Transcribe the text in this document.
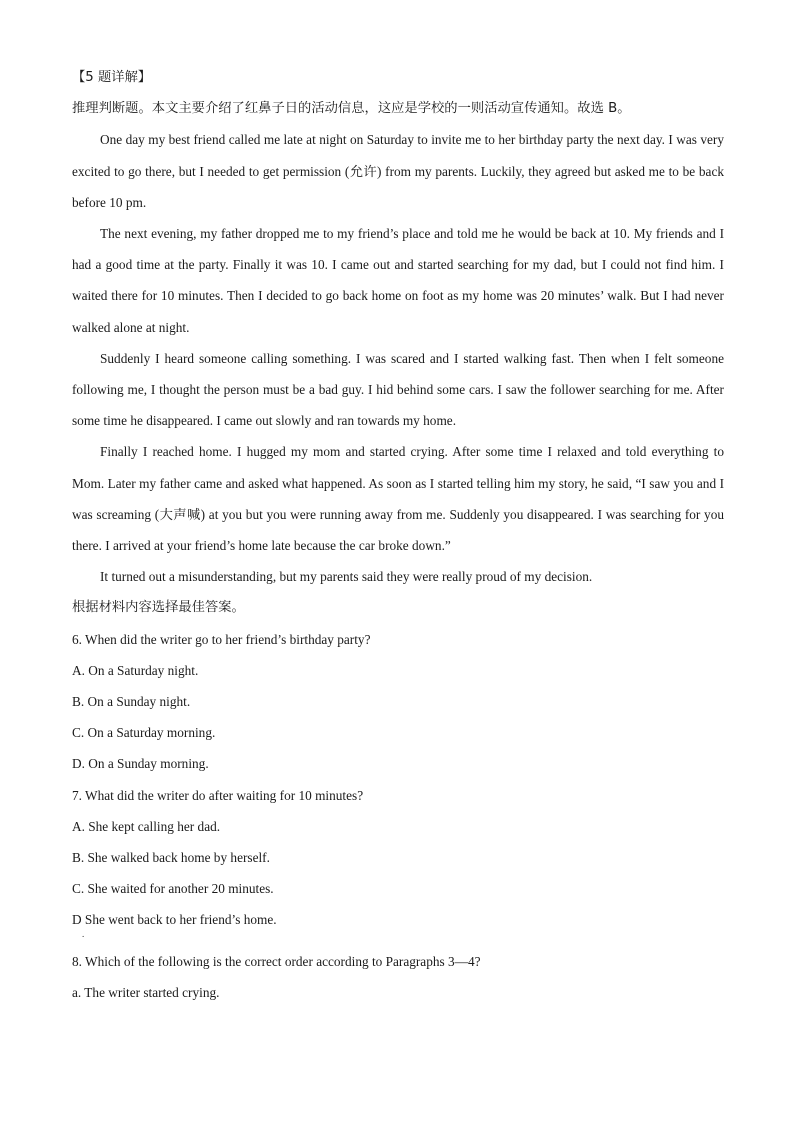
【5 题详解】

推理判断题。本文主要介绍了红鼻子日的活动信息，这应是学校的一则活动宣传通知。故选 B。

One day my best friend called me late at night on Saturday to invite me to her birthday party the next day. I was very excited to go there, but I needed to get permission (允许) from my parents. Luckily, they agreed but asked me to be back before 10 pm.

The next evening, my father dropped me to my friend’s place and told me he would be back at 10. My friends and I had a good time at the party. Finally it was 10. I came out and started searching for my dad, but I could not find him. I waited there for 10 minutes. Then I decided to go back home on foot as my home was 20 minutes’ walk. But I had never walked alone at night.

Suddenly I heard someone calling something. I was scared and I started walking fast. Then when I felt someone following me, I thought the person must be a bad guy. I hid behind some cars. I saw the follower searching for me. After some time he disappeared. I came out slowly and ran towards my home.

Finally I reached home. I hugged my mom and started crying. After some time I relaxed and told everything to Mom. Later my father came and asked what happened. As soon as I started telling him my story, he said, “I saw you and I was screaming (大声喊) at you but you were running away from me. Suddenly you disappeared. I was searching for you there. I arrived at your friend’s home late because the car broke down.”

It turned out a misunderstanding, but my parents said they were really proud of my decision.

根据材料内容选择最佳答案。

6. When did the writer go to her friend’s birthday party?

A. On a Saturday night.

B. On a Sunday night.

C. On a Saturday morning.

D. On a Sunday morning.

7. What did the writer do after waiting for 10 minutes?

A. She kept calling her dad.

B. She walked back home by herself.

C. She waited for another 20 minutes.

D She went back to her friend’s home.

.

8. Which of the following is the correct order according to Paragraphs 3—4?

a. The writer started crying.
